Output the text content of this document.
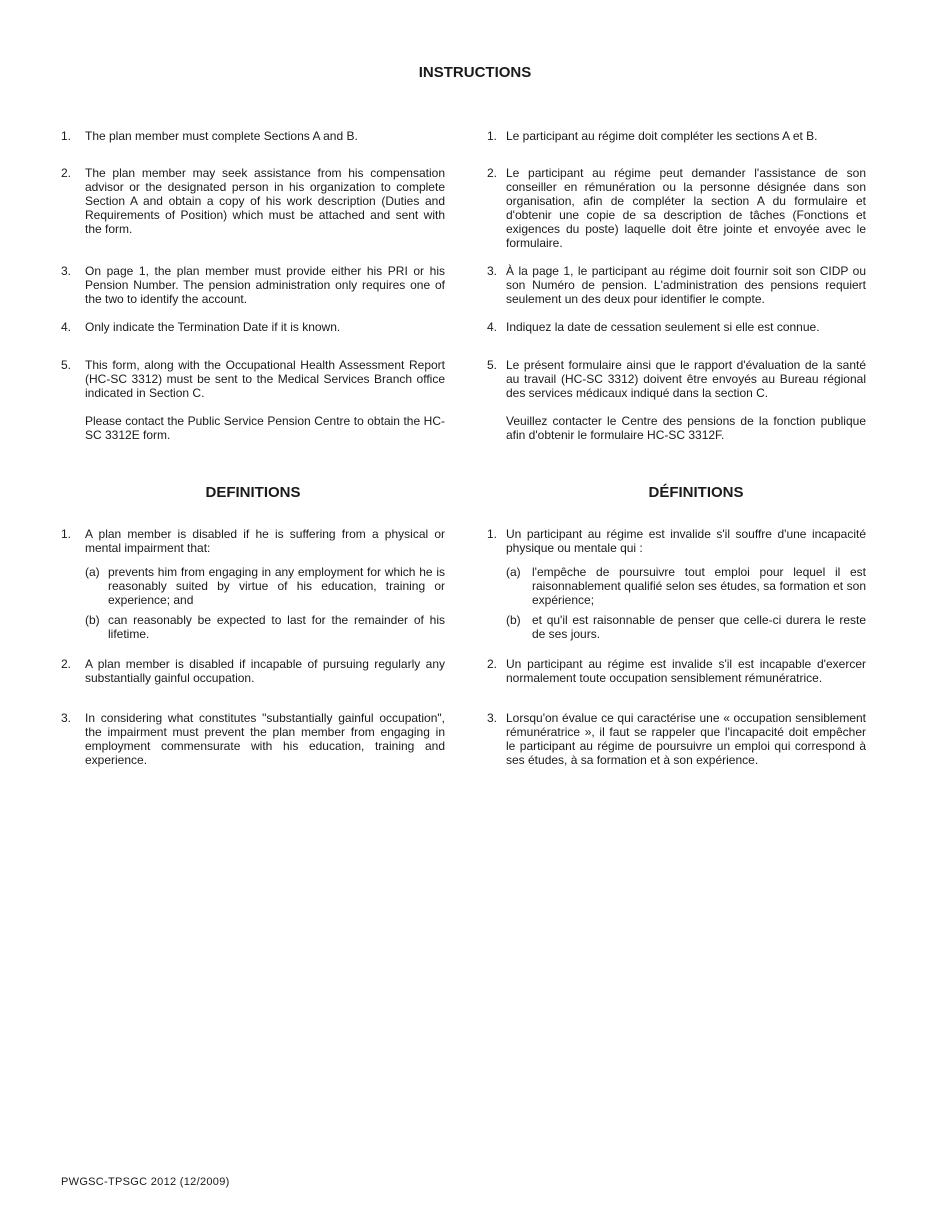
INSTRUCTIONS
1. The plan member must complete Sections A and B.
2. The plan member may seek assistance from his compensation advisor or the designated person in his organization to complete Section A and obtain a copy of his work description (Duties and Requirements of Position) which must be attached and sent with the form.
3. On page 1, the plan member must provide either his PRI or his Pension Number. The pension administration only requires one of the two to identify the account.
4. Only indicate the Termination Date if it is known.
5. This form, along with the Occupational Health Assessment Report (HC-SC 3312) must be sent to the Medical Services Branch office indicated in Section C.
Please contact the Public Service Pension Centre to obtain the HC-SC 3312E form.
1. Le participant au régime doit compléter les sections A et B.
2. Le participant au régime peut demander l'assistance de son conseiller en rémunération ou la personne désignée dans son organisation, afin de compléter la section A du formulaire et d'obtenir une copie de sa description de tâches (Fonctions et exigences du poste) laquelle doit être jointe et envoyée avec le formulaire.
3. À la page 1, le participant au régime doit fournir soit son CIDP ou son Numéro de pension. L'administration des pensions requiert seulement un des deux pour identifier le compte.
4. Indiquez la date de cessation seulement si elle est connue.
5. Le présent formulaire ainsi que le rapport d'évaluation de la santé au travail (HC-SC 3312) doivent être envoyés au Bureau régional des services médicaux indiqué dans la section C.
Veuillez contacter le Centre des pensions de la fonction publique afin d'obtenir le formulaire HC-SC 3312F.
DEFINITIONS	DÉFINITIONS
1. A plan member is disabled if he is suffering from a physical or mental impairment that:
(a) prevents him from engaging in any employment for which he is reasonably suited by virtue of his education, training or experience; and
(b) can reasonably be expected to last for the remainder of his lifetime.
2. A plan member is disabled if incapable of pursuing regularly any substantially gainful occupation.
3. In considering what constitutes "substantially gainful occupation", the impairment must prevent the plan member from engaging in employment commensurate with his education, training and experience.
1. Un participant au régime est invalide s'il souffre d'une incapacité physique ou mentale qui :
(a) l'empêche de poursuivre tout emploi pour lequel il est raisonnablement qualifié selon ses études, sa formation et son expérience;
(b) et qu'il est raisonnable de penser que celle-ci durera le reste de ses jours.
2. Un participant au régime est invalide s'il est incapable d'exercer normalement toute occupation sensiblement rémunératrice.
3. Lorsqu'on évalue ce qui caractérise une « occupation sensiblement rémunératrice », il faut se rappeler que l'incapacité doit empêcher le participant au régime de poursuivre un emploi qui correspond à ses études, à sa formation et à son expérience.
PWGSC-TPSGC 2012 (12/2009)
